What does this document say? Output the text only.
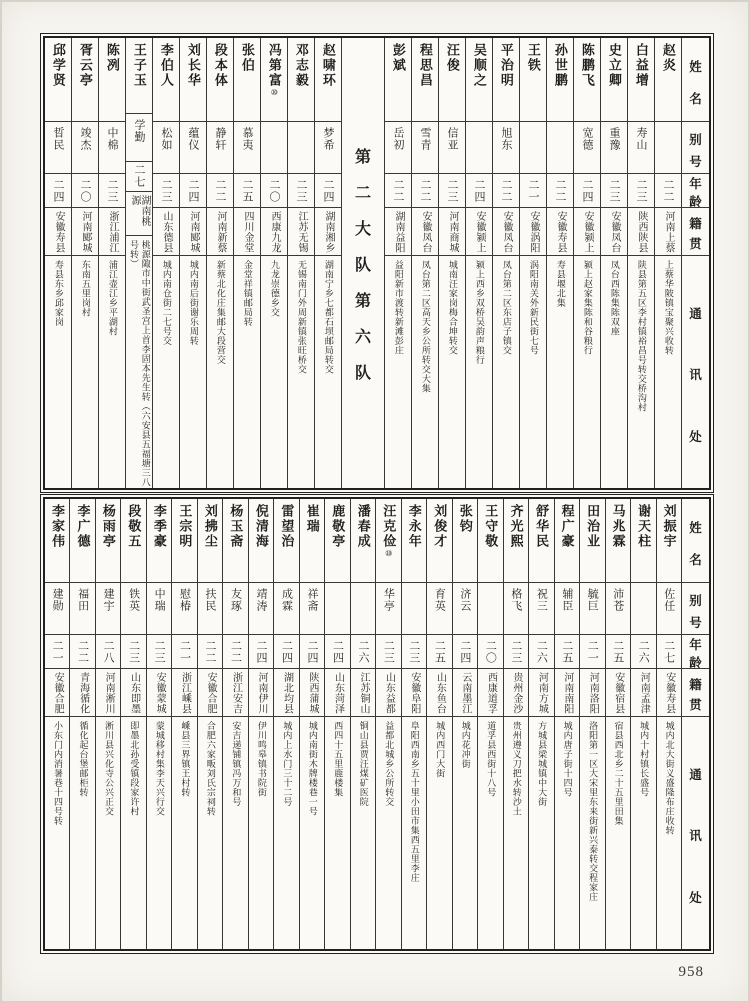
姓
名
别
号
年
龄
籍
贯
通
讯
处
赵炎
二二
河南上蔡
上蔡华陂镇宝聚兴收转
白益增
寿山
二三
陕西陕县
陕县第五区李村镇裕昌号转交桥沟村
史立卿
重豫
二三
安徽凤台
凤台西陈集陈双座
陈鹏飞
宽德
二四
安徽颍上
颍上赵家集陈和谷粮行
孙世鹏
二二
安徽寿县
寿县堰北集
王铁
二一
安徽涡阳
涡阳南关外新民街七号
平治明
旭东
二二
安徽凤台
凤台第二区东店子镇交
吴顺之
二四
安徽颍上
颍上西乡双桥吴韵声粮行
汪俊
信亚
二三
河南商城
城南汪家岗梅合坤转交
程思昌
雪青
二二
安徽凤台
凤台第二区高天乡公所转交大集
彭斌
岳初
二二
湖南益阳
益阳新市渡转新滩彭庄
第
二
大
队
第
六
队
赵啸环
梦希
二四
湖南湘乡
湖南宁乡七都石坝邮局转交
邓志毅
二三
江苏无锡
无锡南门外周新镇张旺桥交
冯第富⑩
二〇
西康九龙
九龙崇德乡交
张伯
慕夷
二五
四川金堂
金堂祥镇邮局转
段本体
静轩
二二
河南新蔡
新蔡北化庄集邮大段营交
刘长华
蕴仪
二四
河南郾城
城内南后街谢乐周转
李伯人
松如
二三
山东德县
城内南仓街二七号交
王子玉
学勤
二七
湖南桃源
桃源陬市中街武圣宫上首李固本先生转（六安县五福塘三八号转）
陈冽
中棉
二三
浙江浦江
浦江壶江乡平湖村
胥云亭
竣杰
二〇
河南郾城
东南五里岗村
邱学贤
晢民
二四
安徽寿县
寿县东乡邱家岗
姓
名
别
号
年
龄
籍
贯
通
讯
处
刘振宇
佐任
二七
安徽寿县
城内北大街义盛隆布庄收转
谢天柱
二六
河南孟津
城内十村镇长盛号
马兆霖
沛苍
二五
安徽宿县
宿县西北乡二十五里田集
田治业
毓巨
二一
河南洛阳
洛阳第一区大宋里东来街新兴泰转交程家庄
程广豪
辅臣
二五
河南南阳
城内唐子街十四号
舒华民
祝三
二六
河南方城
方城县梁城镇中大街
齐光熙
格飞
二三
贵州金沙
贵州遵义刀把水转沙土
王守敬
二〇
西康道孚
道孚县西街十八号
张钧
济云
二四
云南墨江
城内花冲街
刘俊才
育英
二五
山东鱼台
城内西门大街
李永年
二三
安徽阜阳
阜阳西南乡五十里小田市集西五里李庄
汪克俭⑩
华亭
二三
山东益都
益都北城乡公所转交
潘春成
二六
江苏铜山
铜山县贾汪煤矿医院
鹿敬亭
二四
山东菏泽
西四十五里鹿楼集
崔瑞
祥斋
二四
陕西蒲城
城内南街木牌楼巷一号
雷望治
成霖
二四
湖北均县
城内上水门三十二号
倪清海
靖涛
二四
河南伊川
伊川鸣皋镇书院街
杨玉斋
友琢
二二
浙江安吉
安吉递铺镇冯万和号
刘拂尘
扶民
二二
安徽合肥
合肥六家畈刘氏宗祠转
王宗明
慰椿
二一
浙江嵊县
嵊县三界镇王村转
李季豪
中瑞
二三
安徽蒙城
蒙城移村集李天兴行交
段敬五
铁英
二三
山东即墨
即墨北孙受镇段家许村
杨雨亭
建宇
二八
河南淅川
淅川县兴化寺公兴正交
李广德
福田
二二
青海循化
循化起台堡邮柜转
李家伟
建勋
二一
安徽合肥
小东门内消暑巷十四号转
958
